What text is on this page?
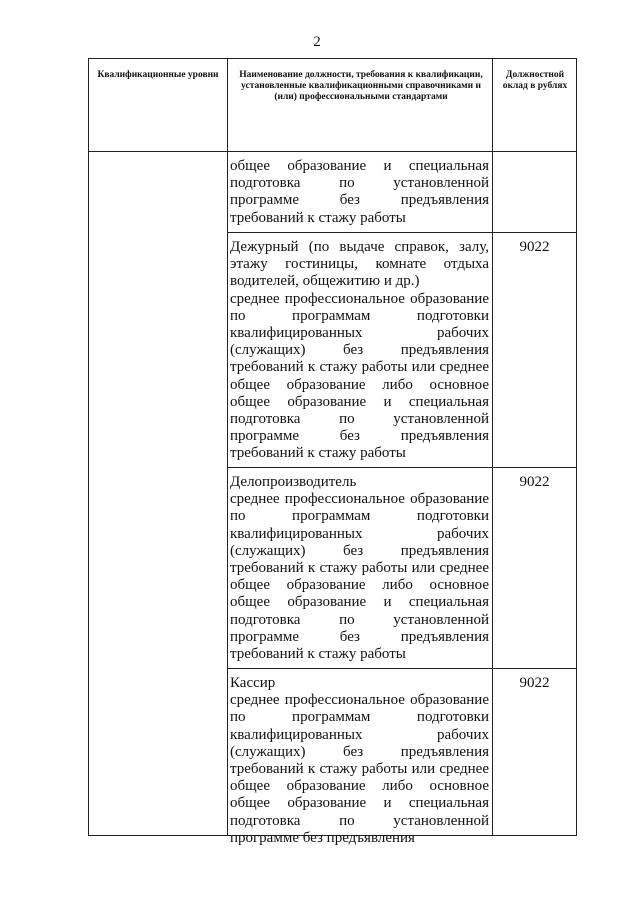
2
Квалификационные уровни	Наименование должности, требования к квалификации, установленные квалификационными справочниками и (или) профессиональными стандартами
Должностной оклад в рублях
общее образование и специальная подготовка по установленной программе без предъявления требований к стажу работы
Дежурный (по выдаче справок, залу, этажу гостиницы, комнате отдыха водителей, общежитию и др.)
среднее профессиональное образование по программам подготовки квалифицированных рабочих (служащих) без предъявления требований к стажу работы или среднее общее образование либо основное общее образование и специальная подготовка по установленной программе без предъявления требований к стажу работы
9022
Делопроизводитель
среднее профессиональное образование по программам подготовки квалифицированных рабочих (служащих) без предъявления требований к стажу работы или среднее общее образование либо основное общее образование и специальная подготовка по установленной программе без предъявления требований к стажу работы
9022
Кассир
среднее профессиональное образование по программам подготовки квалифицированных рабочих (служащих) без предъявления требований к стажу работы или среднее общее образование либо основное общее образование и специальная подготовка по установленной программе без предъявления
9022
